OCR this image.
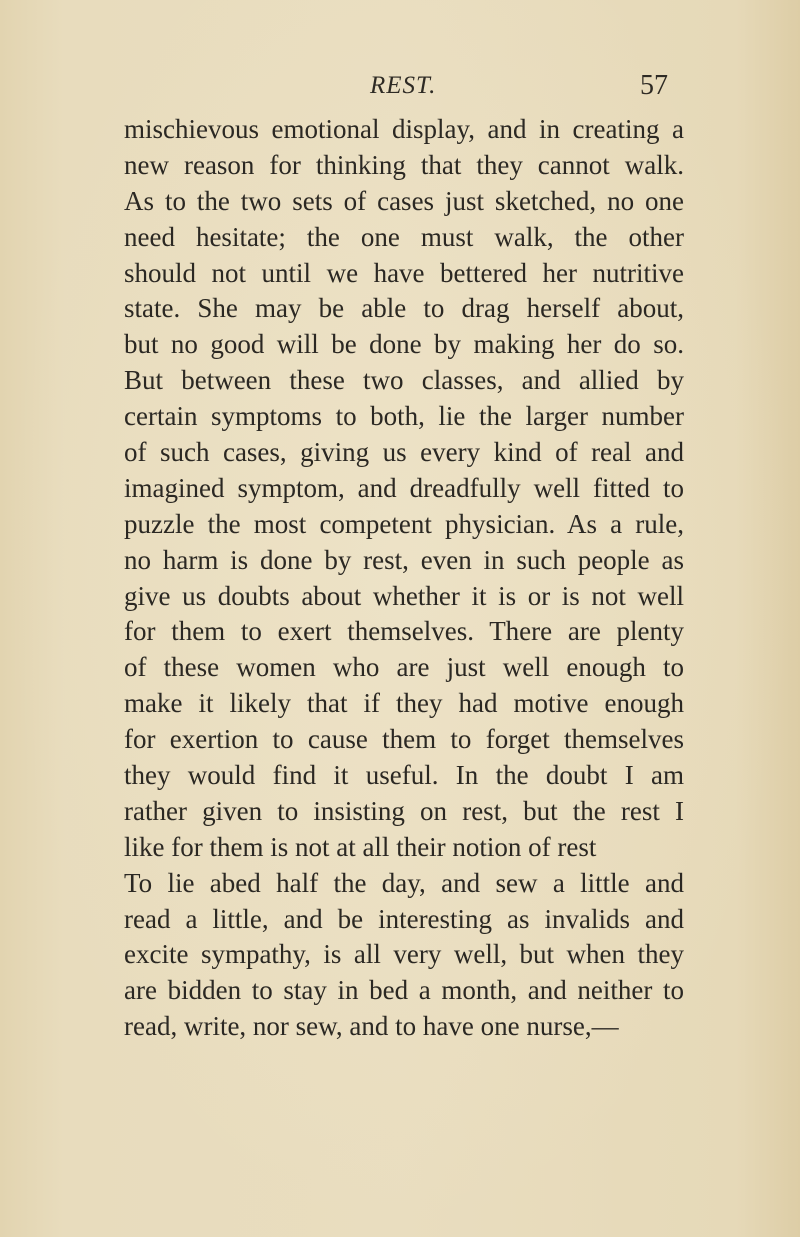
REST.	57
mischievous emotional display, and in creating a
new reason for thinking that they cannot walk.
As to the two sets of cases just sketched, no one
need hesitate; the one must walk, the other
should not until we have bettered her nutritive
state. She may be able to drag herself about,
but no good will be done by making her do so.
But between these two classes, and allied by
certain symptoms to both, lie the larger number
of such cases, giving us every kind of real and
imagined symptom, and dreadfully well fitted to
puzzle the most competent physician. As a rule,
no harm is done by rest, even in such people as
give us doubts about whether it is or is not well
for them to exert themselves. There are plenty
of these women who are just well enough to
make it likely that if they had motive enough
for exertion to cause them to forget themselves
they would find it useful. In the doubt I am
rather given to insisting on rest, but the rest I
like for them is not at all their notion of rest
To lie abed half the day, and sew a little and
read a little, and be interesting as invalids and
excite sympathy, is all very well, but when they
are bidden to stay in bed a month, and neither to
read, write, nor sew, and to have one nurse,—
